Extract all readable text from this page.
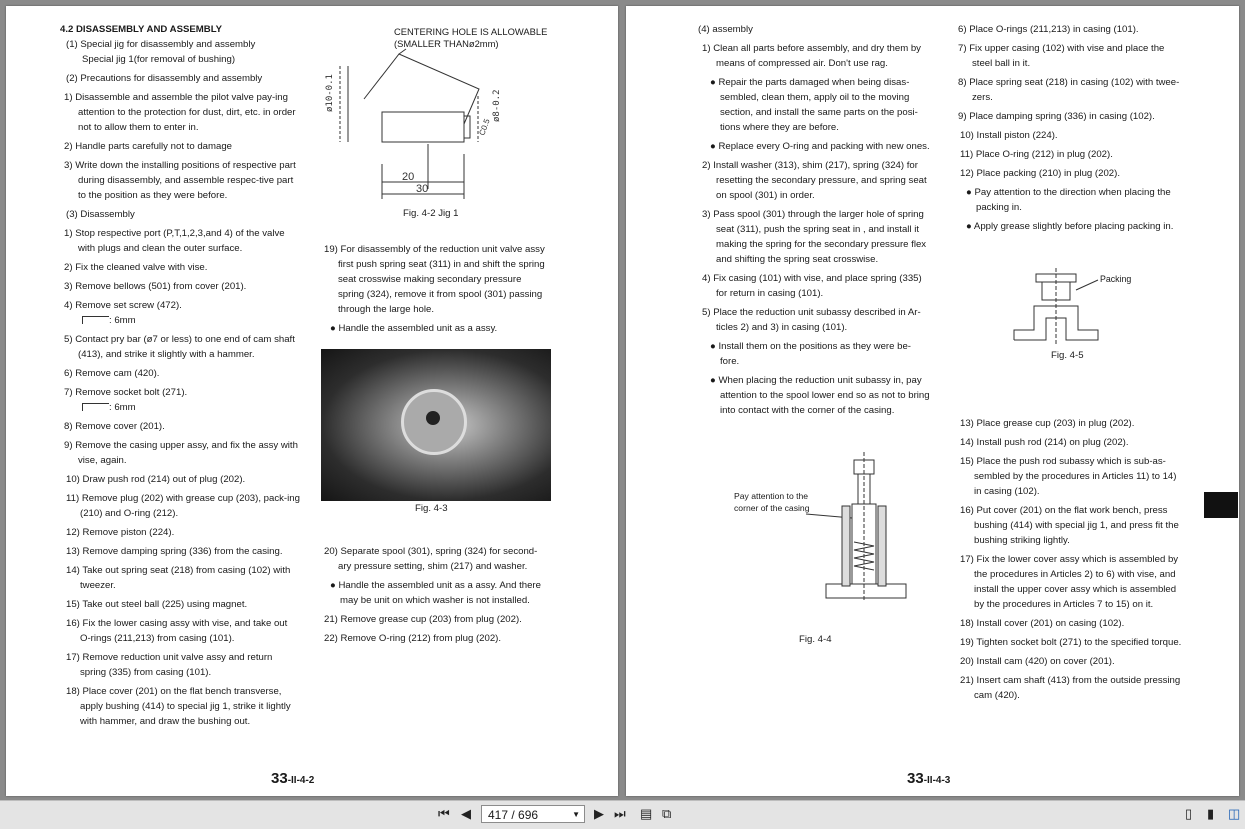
4.2 DISASSEMBLY AND ASSEMBLY

(1) Special jig for disassembly and assembly

Special jig 1(for removal of bushing)

(2) Precautions for disassembly and assembly

1) Disassemble and assemble the pilot valve pay-ing attention to the protection for dust, dirt, etc. in order not to allow them to enter in.

2) Handle parts carefully not to damage

3) Write down the installing positions of respective part during disassembly, and assemble respec-tive part to the position as they were before.

(3) Disassembly

1) Stop respective port (P,T,1,2,3,and 4) of the valve with plugs and clean the outer surface.

2) Fix the cleaned valve with vise.

3) Remove bellows (501) from cover (201).

4) Remove set screw (472).

: 6mm

5) Contact pry bar (ø7 or less) to one end of cam shaft (413), and strike it slightly with a hammer.

6) Remove cam (420).

7) Remove socket bolt (271).

: 6mm

8) Remove cover (201).

9) Remove the casing upper assy, and fix the assy with vise, again.

10) Draw push rod (214) out of plug (202).

11) Remove plug (202) with grease cup (203), pack-ing (210) and O-ring (212).

12) Remove piston (224).

13) Remove damping spring (336) from the casing.

14) Take out spring seat (218) from casing (102) with tweezer.

15) Take out steel ball (225) using magnet.

16) Fix the lower casing assy with vise, and take out O-rings (211,213) from casing (101).

17) Remove reduction unit valve assy and return spring (335) from casing (101).

18) Place cover (201) on the flat bench transverse, apply bushing (414) to special jig 1, strike it lightly with hammer, and draw the bushing out.

CENTERING HOLE IS ALLOWABLE
(SMALLER THANø2mm)
ø10-0.1	ø8-0.2
C0.5
20
30
Fig. 4-2 Jig 1

19) For disassembly of the reduction unit valve assy first push spring seat (311) in and shift the spring seat crosswise making secondary pressure spring (324), remove it from spool (301) passing through the large hole.

● Handle the assembled unit as a assy.

Fig. 4-3

20) Separate spool (301), spring (324) for second-ary pressure setting, shim (217) and washer.

● Handle the assembled unit as a assy. And there may be unit on which washer is not installed.

21) Remove grease cup (203) from plug (202).

22) Remove O-ring (212) from plug (202).

33-II-4-2

(4) assembly

1) Clean all parts before assembly, and dry them by means of compressed air. Don't use rag.

● Repair the parts damaged when being disas-sembled, clean them, apply oil to the moving section, and install the same parts on the posi-tions where they are before.

● Replace every O-ring and packing with new ones.

2) Install washer (313), shim (217), spring (324) for resetting the secondary pressure, and spring seat on spool (301) in order.

3) Pass spool (301) through the larger hole of spring seat (311), push the spring seat in , and install it making the spring for the secondary pressure flex and shifting the spring seat crosswise.

4) Fix casing (101) with vise, and place spring (335) for return in casing (101).

5) Place the reduction unit subassy described in Ar-ticles 2) and 3) in casing (101).

● Install them on the positions as they were be-fore.

● When placing the reduction unit subassy in, pay attention to the spool lower end so as not to bring into contact with the corner of the casing.

Pay attention to the
corner of the casing
Fig. 4-4

6) Place O-rings (211,213) in casing (101).

7) Fix upper casing (102) with vise and place the steel ball in it.

8) Place spring seat (218) in casing (102) with twee-zers.

9) Place damping spring (336) in casing (102).

10) Install piston (224).

11) Place O-ring (212) in plug (202).

12) Place packing (210) in plug (202).

● Pay attention to the direction when placing the packing in.

● Apply grease slightly before placing packing in.

Packing
Fig. 4-5

13) Place grease cup (203) in plug (202).

14) Install push rod (214) on plug (202).

15) Place the push rod subassy which is sub-as-sembled by the procedures in Articles 11) to 14) in casing (102).

16) Put cover (201) on the flat work bench, press bushing (414) with special jig 1, and press fit the bushing striking lightly.

17) Fix the lower cover assy which is assembled by the procedures in Articles 2) to 6) with vise, and install the upper cover assy which is assembled by the procedures in Articles 7 to 15) on it.

18) Install cover (201) on casing (102).

19) Tighten socket bolt (271) to the specified torque.

20) Install cam (420) on cover (201).

21) Insert cam shaft (413) from the outside pressing cam (420).

33-II-4-3
⏮ ◀	417 / 696	▼ ▶ ⏭ ▤ ⧉	▯ ▮ ◫
